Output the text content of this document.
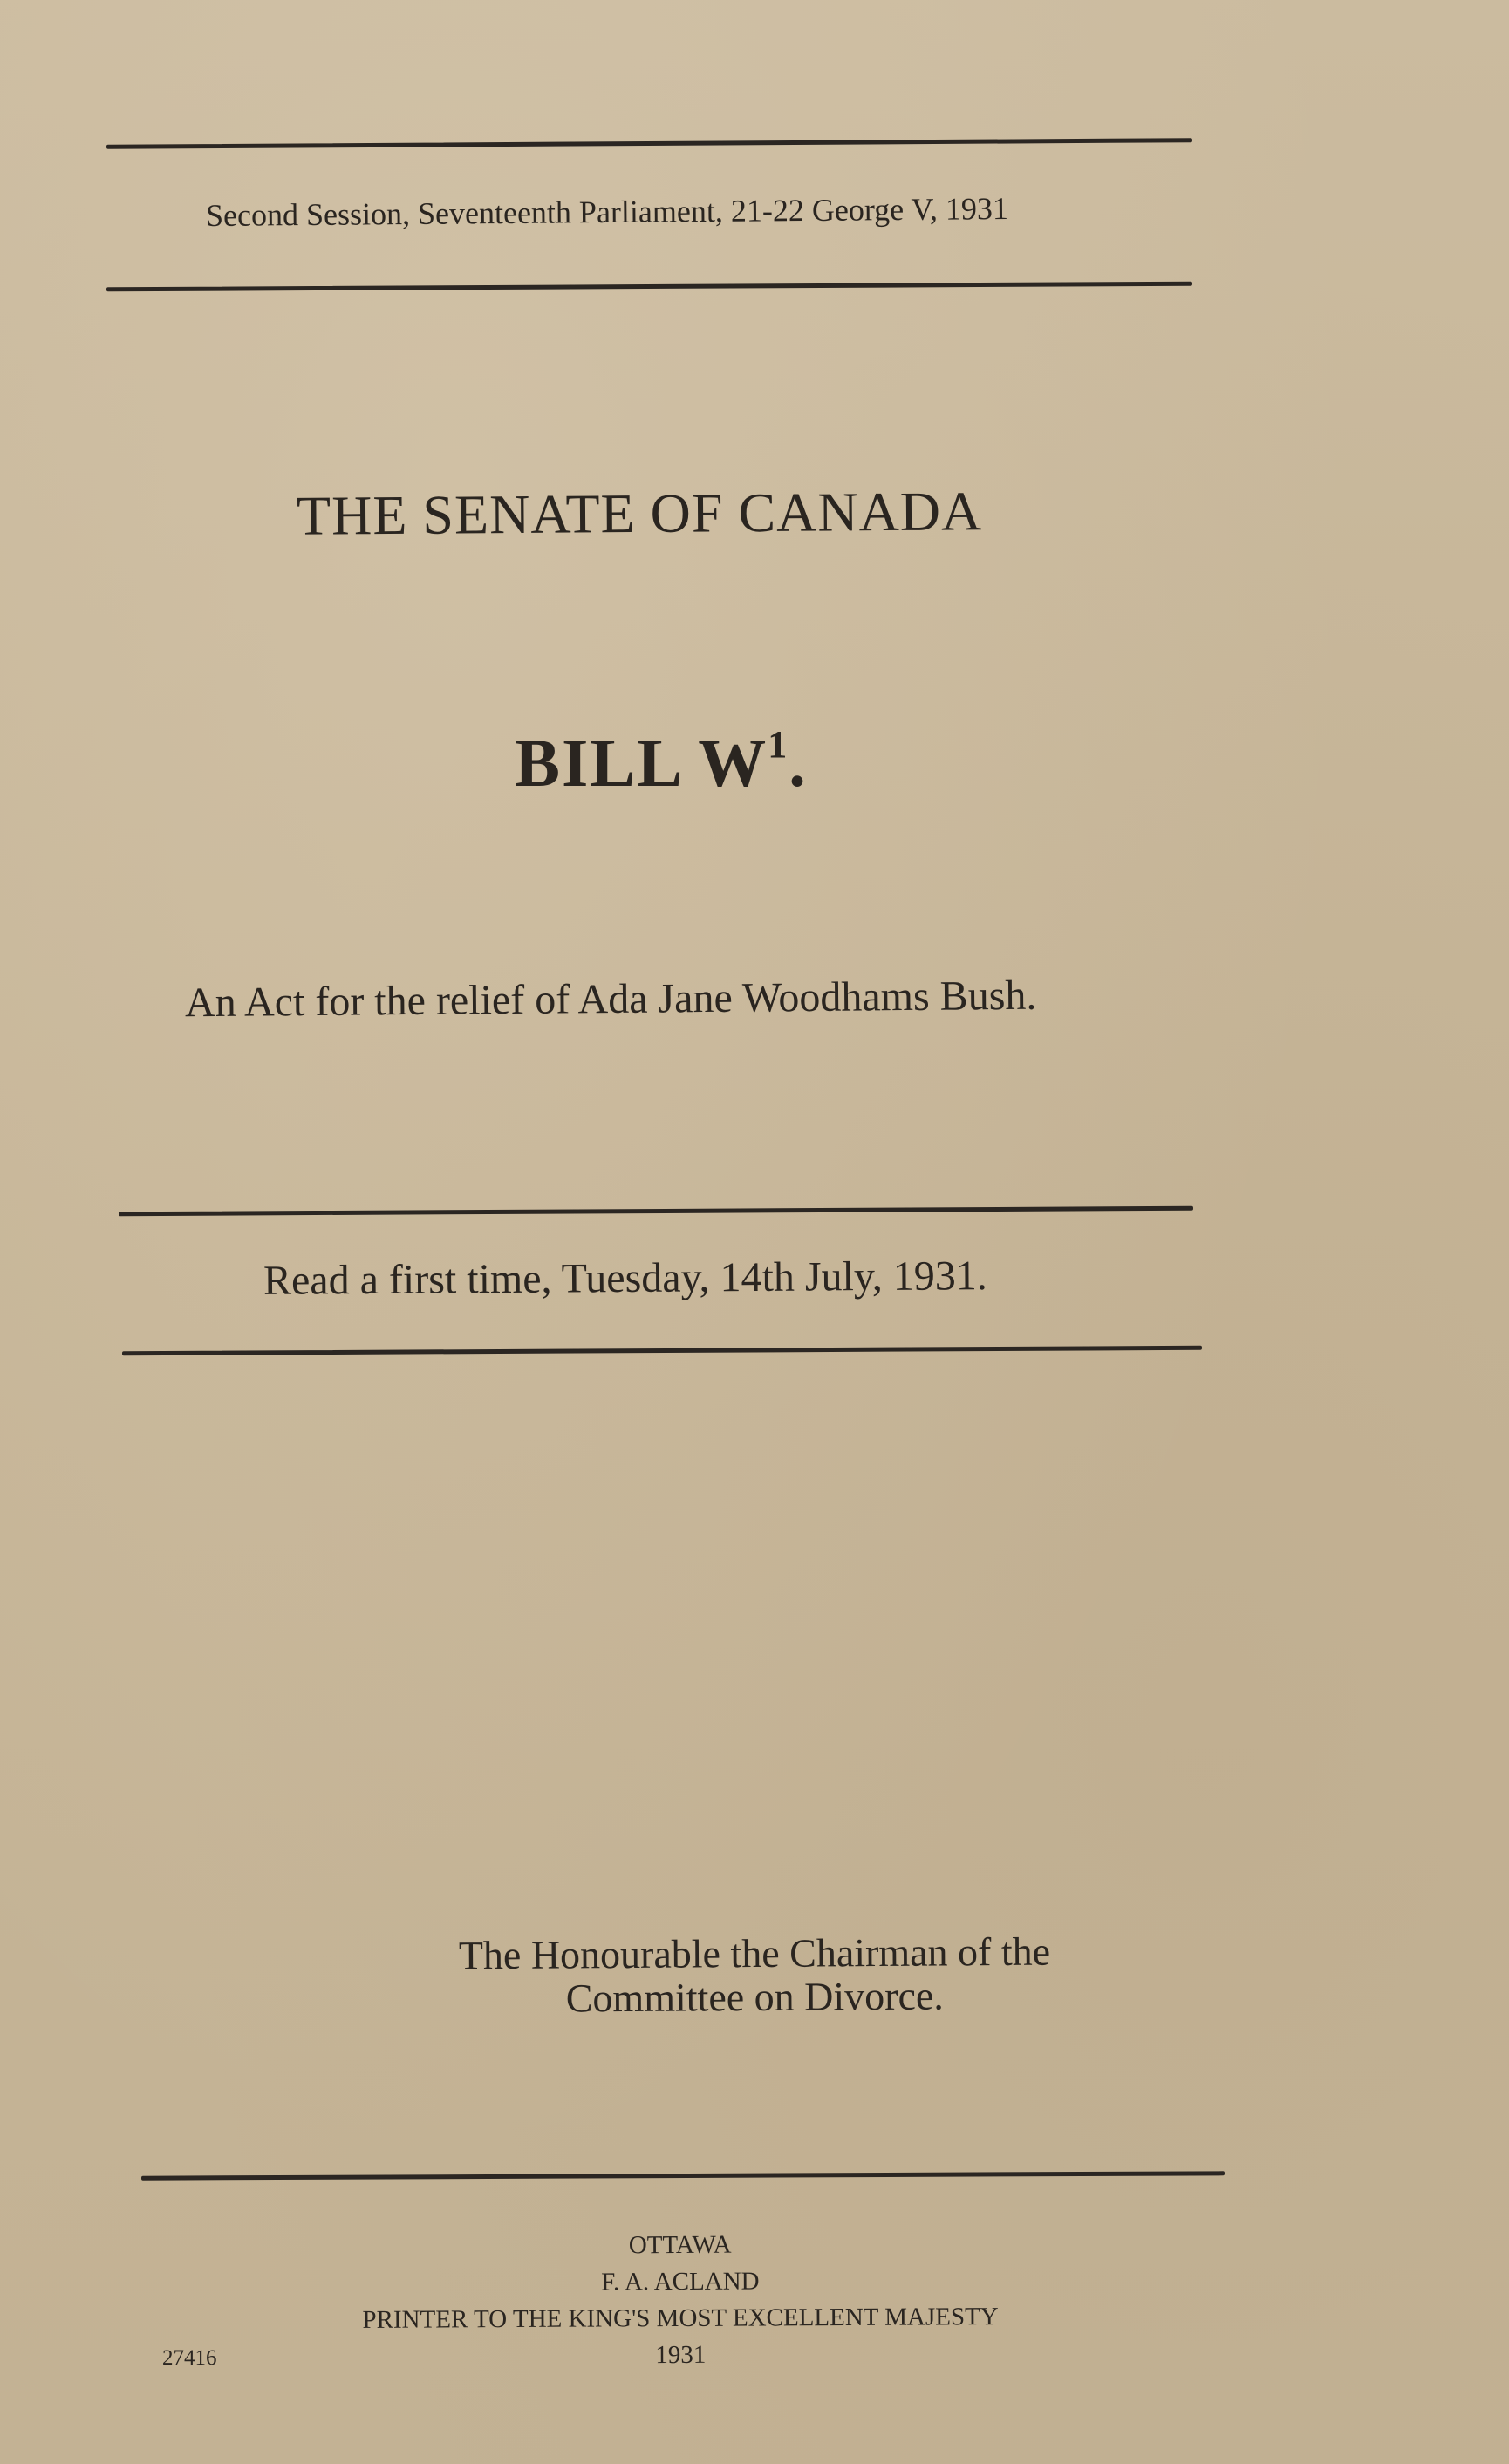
Second Session, Seventeenth Parliament, 21-22 George V, 1931
THE SENATE OF CANADA
BILL $W^1$.
An Act for the relief of Ada Jane Woodhams Bush.
Read a first time, Tuesday, 14th July, 1931.
The Honourable the Chairman of the
Committee on Divorce.
OTTAWA
F. A. ACLAND
PRINTER TO THE KING'S MOST EXCELLENT MAJESTY
1931
27416
